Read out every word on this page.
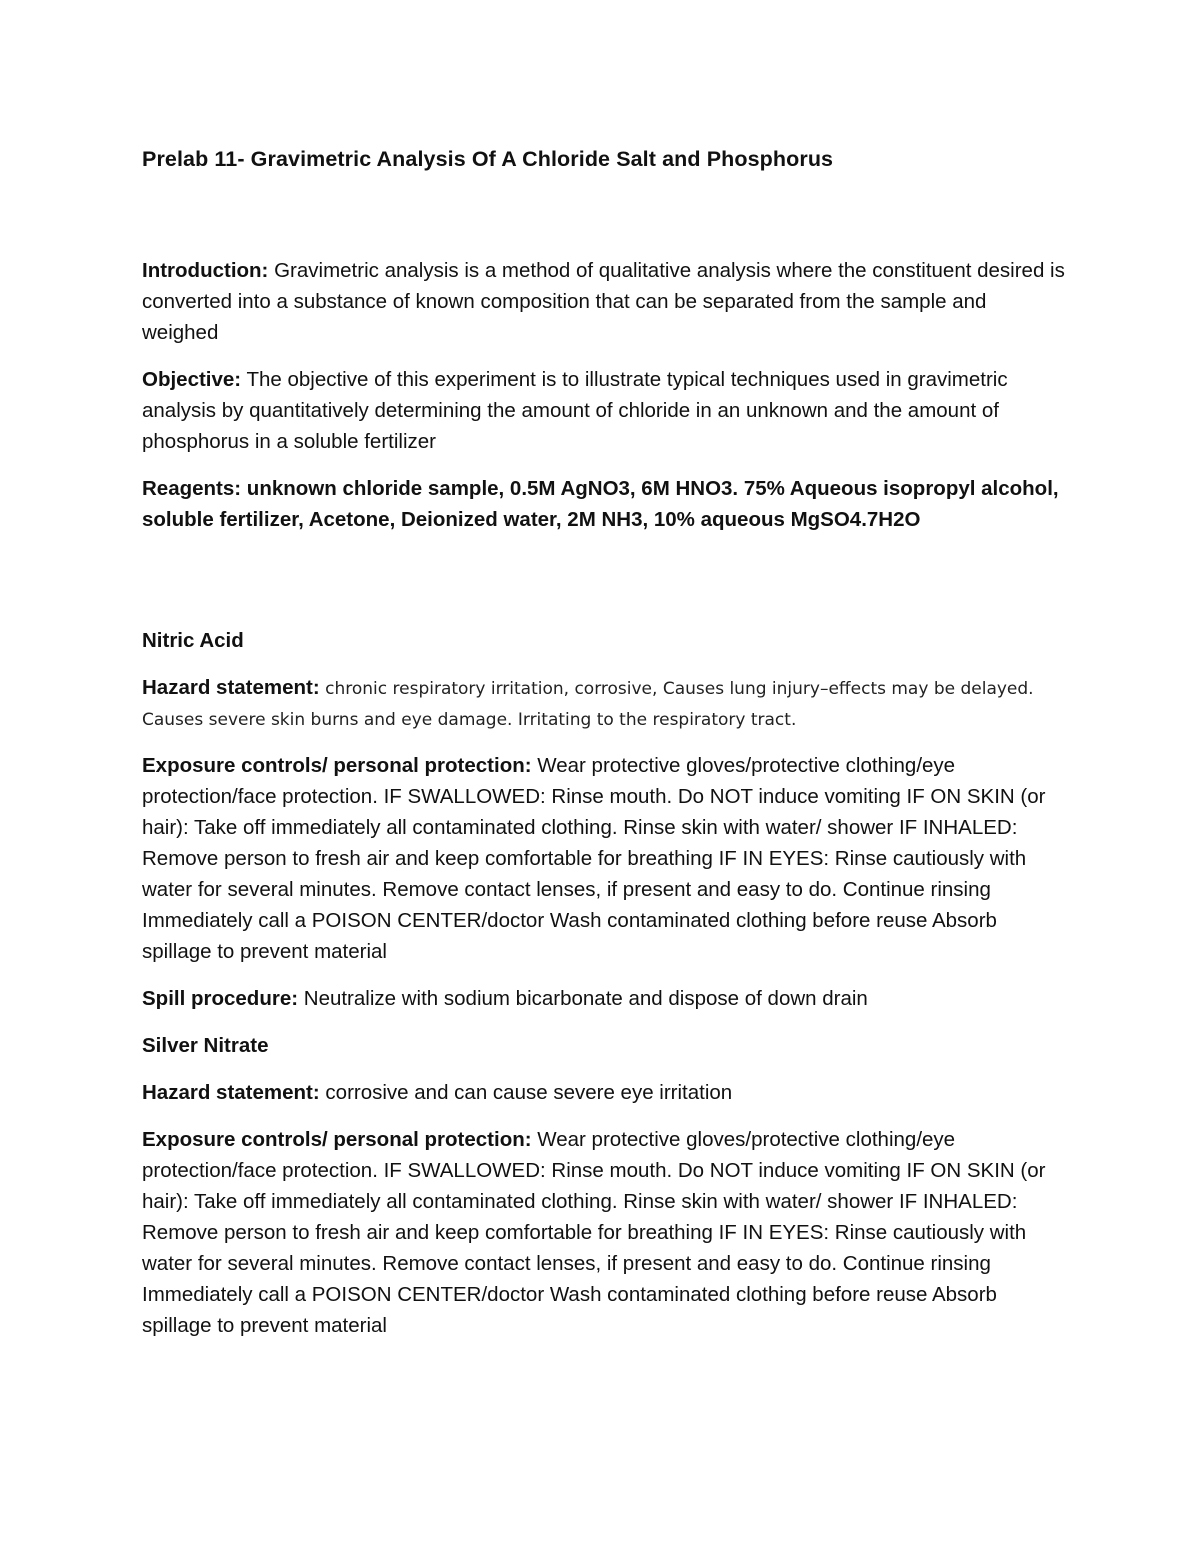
Prelab 11- Gravimetric Analysis Of A Chloride Salt and Phosphorus

Introduction: Gravimetric analysis is a method of qualitative analysis where the constituent desired is converted into a substance of known composition that can be separated from the sample and weighed

Objective: The objective of this experiment is to illustrate typical techniques used in gravimetric analysis by quantitatively determining the amount of chloride in an unknown and the amount of phosphorus in a soluble fertilizer

Reagents: unknown chloride sample, 0.5M AgNO3, 6M HNO3. 75% Aqueous isopropyl alcohol, soluble fertilizer, Acetone, Deionized water, 2M NH3, 10% aqueous MgSO4.7H2O

Nitric Acid

Hazard statement: chronic respiratory irritation, corrosive, Causes lung injury–effects may be delayed. Causes severe skin burns and eye damage. Irritating to the respiratory tract.

Exposure controls/ personal protection: Wear protective gloves/protective clothing/eye protection/face protection. IF SWALLOWED: Rinse mouth. Do NOT induce vomiting IF ON SKIN (or hair): Take off immediately all contaminated clothing. Rinse skin with water/ shower IF INHALED: Remove person to fresh air and keep comfortable for breathing IF IN EYES: Rinse cautiously with water for several minutes. Remove contact lenses, if present and easy to do. Continue rinsing Immediately call a POISON CENTER/doctor Wash contaminated clothing before reuse Absorb spillage to prevent material

Spill procedure: Neutralize with sodium bicarbonate and dispose of down drain

Silver Nitrate

Hazard statement: corrosive and can cause severe eye irritation

Exposure controls/ personal protection: Wear protective gloves/protective clothing/eye protection/face protection. IF SWALLOWED: Rinse mouth. Do NOT induce vomiting IF ON SKIN (or hair): Take off immediately all contaminated clothing. Rinse skin with water/ shower IF INHALED: Remove person to fresh air and keep comfortable for breathing IF IN EYES: Rinse cautiously with water for several minutes. Remove contact lenses, if present and easy to do. Continue rinsing Immediately call a POISON CENTER/doctor Wash contaminated clothing before reuse Absorb spillage to prevent material
